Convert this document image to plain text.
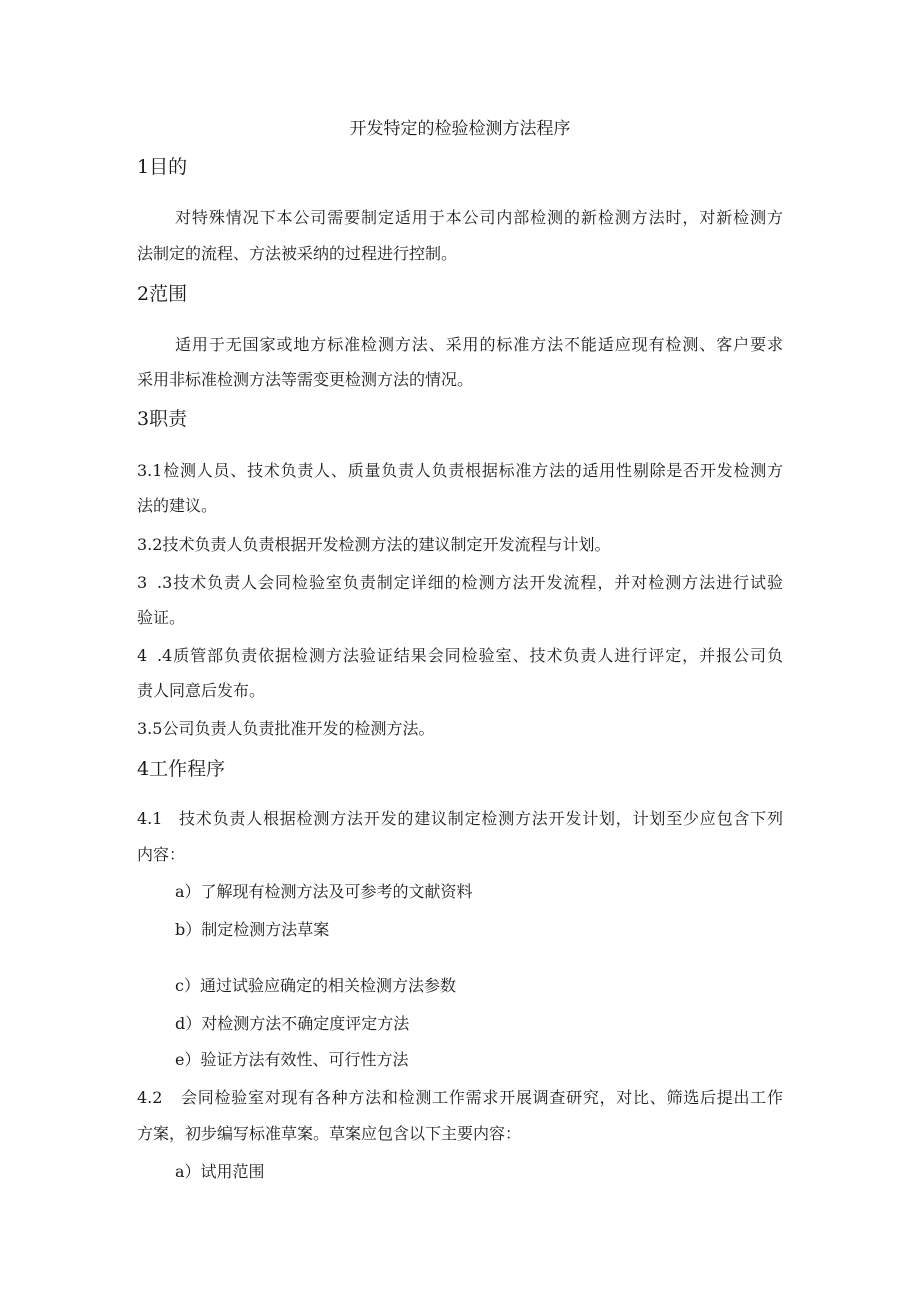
开发特定的检验检测方法程序
1目的
对特殊情况下本公司需要制定适用于本公司内部检测的新检测方法时，对新检测方
法制定的流程、方法被采纳的过程进行控制。
2范围
适用于无国家或地方标准检测方法、采用的标准方法不能适应现有检测、客户要求
采用非标准检测方法等需变更检测方法的情况。
3职责
3.1检测人员、技术负责人、质量负责人负责根据标准方法的适用性剔除是否开发检测方
法的建议。
3.2技术负责人负责根据开发检测方法的建议制定开发流程与计划。
3 .3技术负责人会同检验室负责制定详细的检测方法开发流程，并对检测方法进行试验
验证。
4 .4质管部负责依据检测方法验证结果会同检验室、技术负责人进行评定，并报公司负
责人同意后发布。
3.5公司负责人负责批准开发的检测方法。
4工作程序
4.1 技术负责人根据检测方法开发的建议制定检测方法开发计划，计划至少应包含下列
内容：
a）了解现有检测方法及可参考的文献资料
b）制定检测方法草案
c）通过试验应确定的相关检测方法参数
d）对检测方法不确定度评定方法
e）验证方法有效性、可行性方法
4.2 会同检验室对现有各种方法和检测工作需求开展调查研究，对比、筛选后提出工作
方案，初步编写标准草案。草案应包含以下主要内容：
a）试用范围
